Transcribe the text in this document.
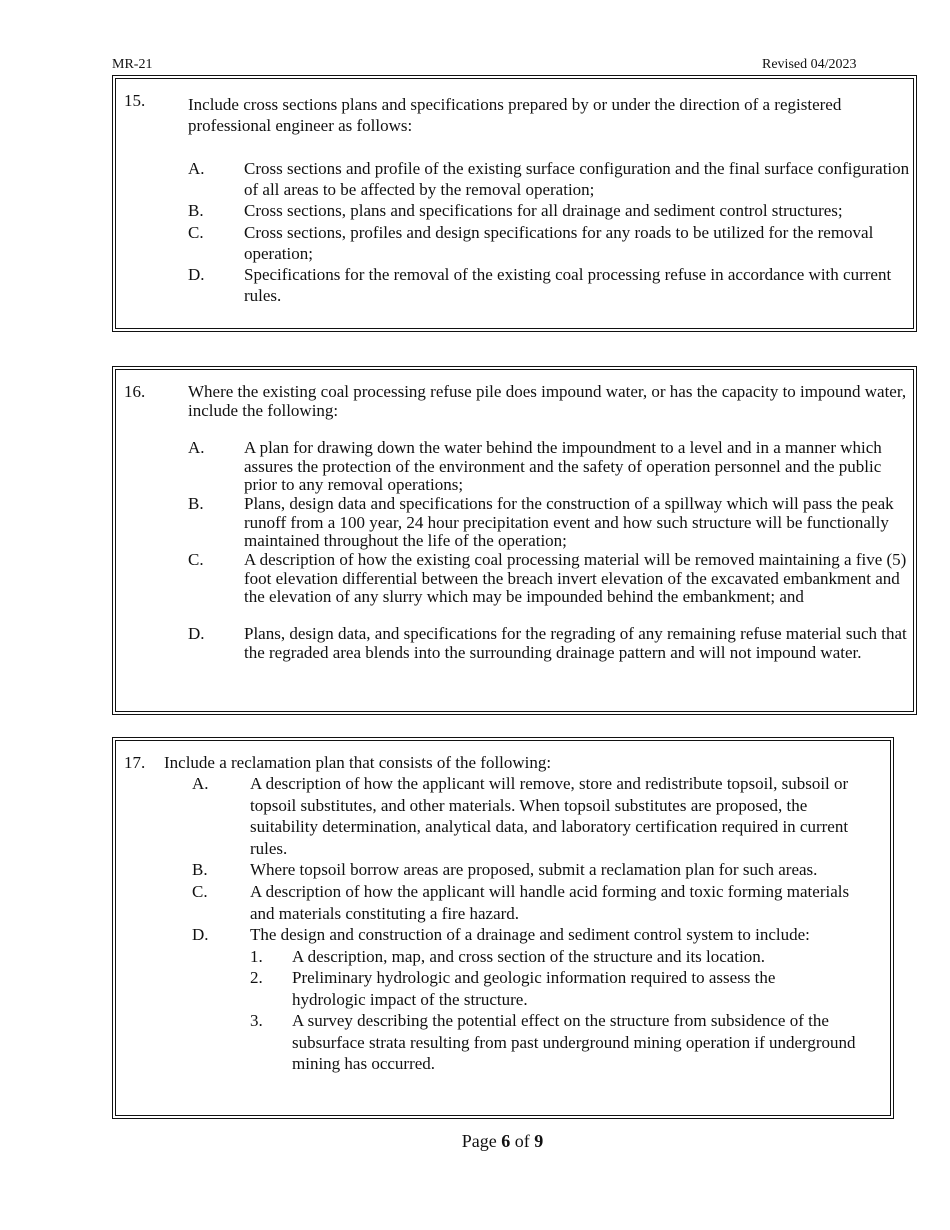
MR-21	Revised 04/2023
15.	Include cross sections plans and specifications prepared by or under the direction of a registered professional engineer as follows:
A. Cross sections and profile of the existing surface configuration and the final surface configuration of all areas to be affected by the removal operation;
B. Cross sections, plans and specifications for all drainage and sediment control structures;
C. Cross sections, profiles and design specifications for any roads to be utilized for the removal operation;
D. Specifications for the removal of the existing coal processing refuse in accordance with current rules.
16.	Where the existing coal processing refuse pile does impound water, or has the capacity to impound water, include the following:
A. A plan for drawing down the water behind the impoundment to a level and in a manner which assures the protection of the environment and the safety of operation personnel and the public prior to any removal operations;
B. Plans, design data and specifications for the construction of a spillway which will pass the peak runoff from a 100 year, 24 hour precipitation event and how such structure will be functionally maintained throughout the life of the operation;
C. A description of how the existing coal processing material will be removed maintaining a five (5) foot elevation differential between the breach invert elevation of the excavated embankment and the elevation of any slurry which may be impounded behind the embankment; and
D. Plans, design data, and specifications for the regrading of any remaining refuse material such that the regraded area blends into the surrounding drainage pattern and will not impound water.
17. Include a reclamation plan that consists of the following:
A. A description of how the applicant will remove, store and redistribute topsoil, subsoil or topsoil substitutes, and other materials. When topsoil substitutes are proposed, the suitability determination, analytical data, and laboratory certification required in current rules.
B. Where topsoil borrow areas are proposed, submit a reclamation plan for such areas.
C. A description of how the applicant will handle acid forming and toxic forming materials and materials constituting a fire hazard.
D. The design and construction of a drainage and sediment control system to include:
1. A description, map, and cross section of the structure and its location.
2. Preliminary hydrologic and geologic information required to assess the hydrologic impact of the structure.
3. A survey describing the potential effect on the structure from subsidence of the subsurface strata resulting from past underground mining operation if underground mining has occurred.
Page 6 of 9
